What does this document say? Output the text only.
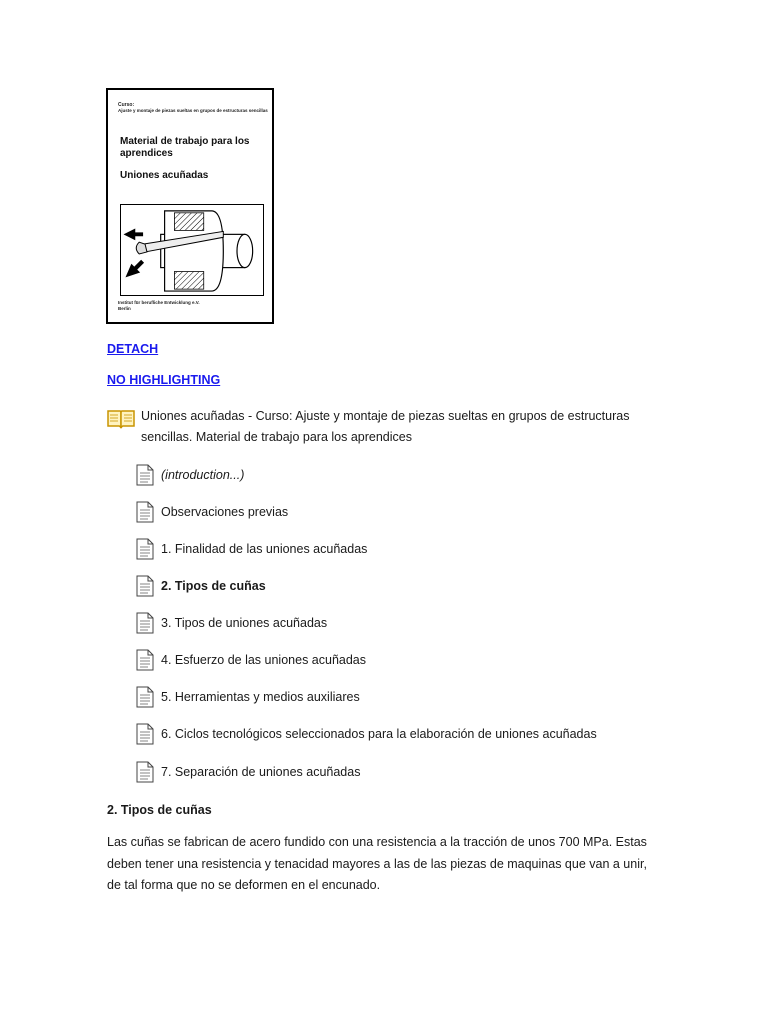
Curso:
Ajuste y montaje de piezas sueltas en grupos de estructuras sencillas
Material de trabajo para los aprendices
Uniones acuñadas
Institut für berufliche Entwicklung e.V.
Berlin
DETACH
NO HIGHLIGHTING
Uniones acuñadas - Curso: Ajuste y montaje de piezas sueltas en grupos de estructuras sencillas. Material de trabajo para los aprendices
(introduction...)
Observaciones previas
1. Finalidad de las uniones acuñadas
2. Tipos de cuñas
3. Tipos de uniones acuñadas
4. Esfuerzo de las uniones acuñadas
5. Herramientas y medios auxiliares
6. Ciclos tecnológicos seleccionados para la elaboración de uniones acuñadas
7. Separación de uniones acuñadas
2. Tipos de cuñas
Las cuñas se fabrican de acero fundido con una resistencia a la tracción de unos 700 MPa. Estas deben tener una resistencia y tenacidad mayores a las de las piezas de maquinas que van a unir, de tal forma que no se deformen en el encunado.
